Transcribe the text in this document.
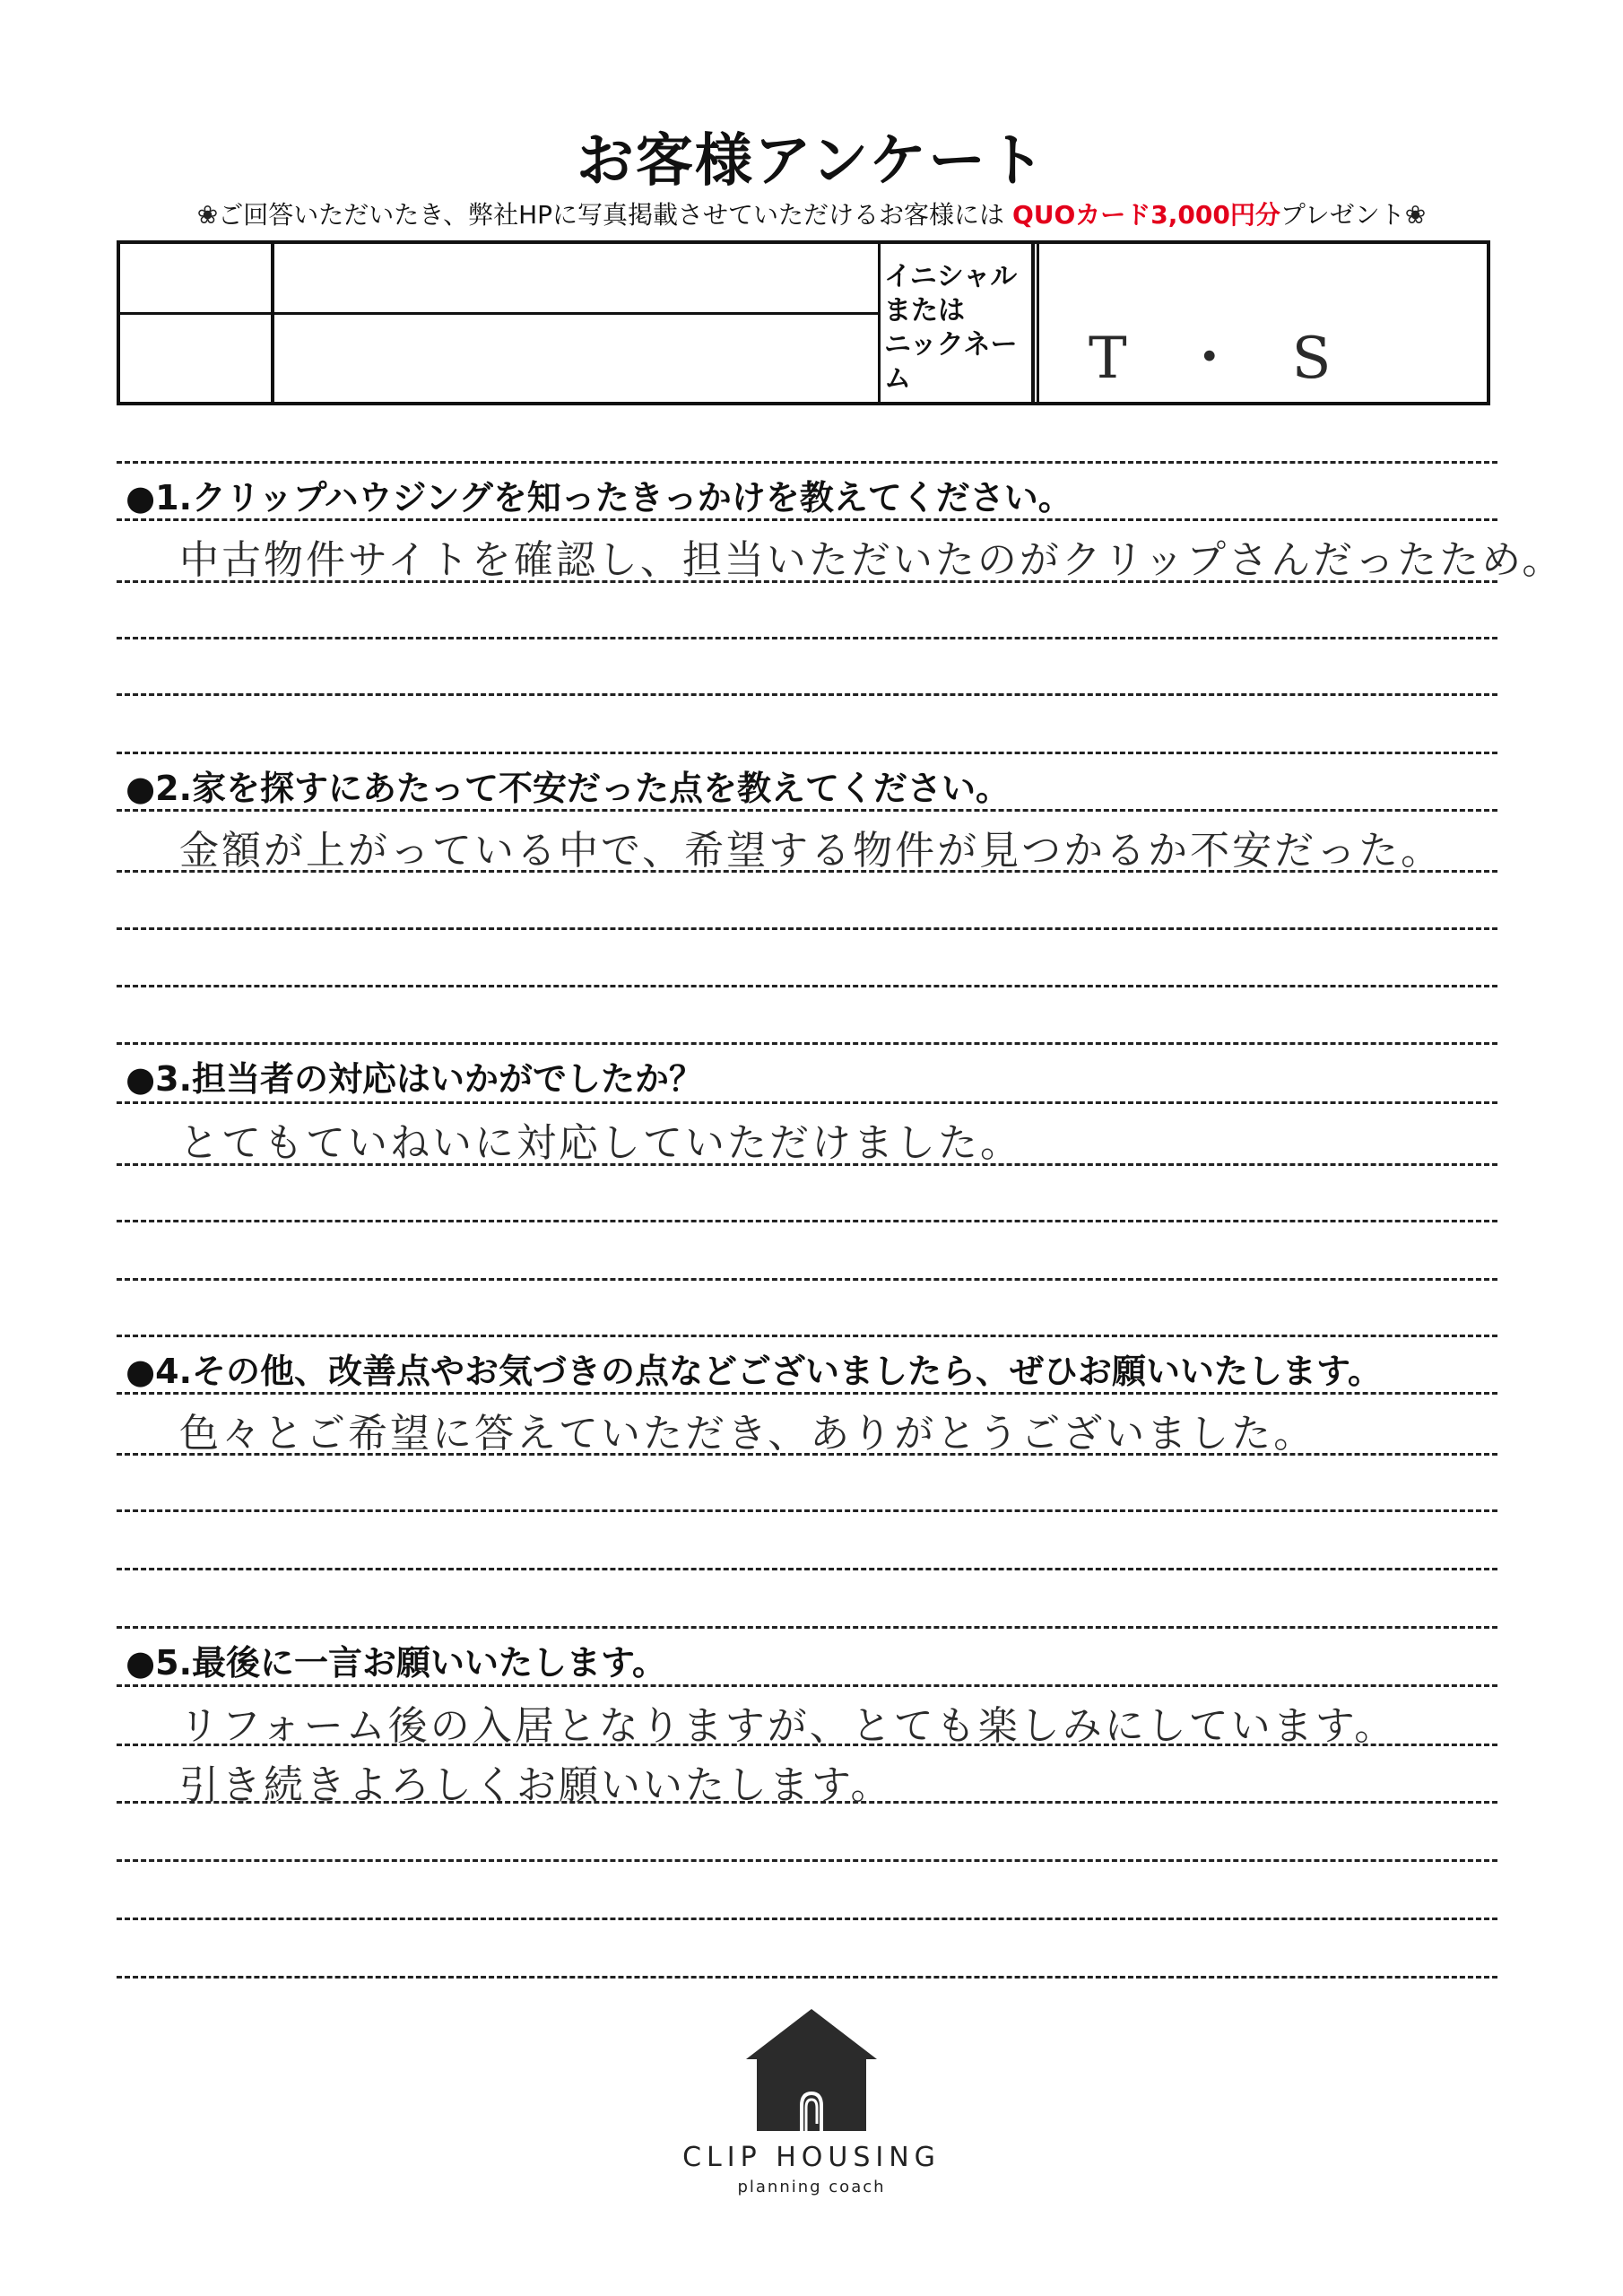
お客様アンケート
❀ご回答いただいたき、弊社HPに写真掲載させていただけるお客様には QUOカード3,000円分プレゼント❀
イニシャル
または
ニックネー
ム	T・S
●1.クリップハウジングを知ったきっかけを教えてください。
中古物件サイトを確認し、担当いただいたのがクリップさんだったため。
●2.家を探すにあたって不安だった点を教えてください。
金額が上がっている中で、希望する物件が見つかるか不安だった。
●3.担当者の対応はいかがでしたか？
とてもていねいに対応していただけました。
●4.その他、改善点やお気づきの点などございましたら、ぜひお願いいたします。
色々とご希望に答えていただき、ありがとうございました。
●5.最後に一言お願いいたします。
リフォーム後の入居となりますが、とても楽しみにしています。
引き続きよろしくお願いいたします。
CLIP HOUSING
planning coach
